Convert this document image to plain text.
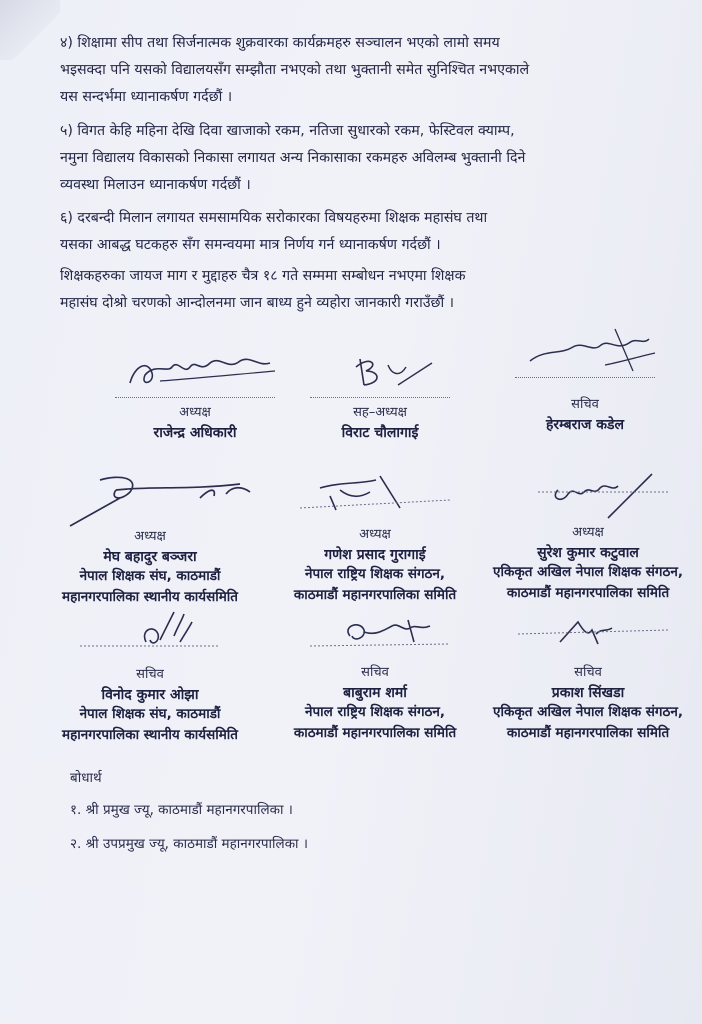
४) शिक्षामा सीप तथा सिर्जनात्मक शुक्रवारका कार्यक्रमहरु सञ्चालन भएको लामो समय
भइसक्दा पनि यसको विद्यालयसँग सम्झौता नभएको तथा भुक्तानी समेत सुनिश्चित नभएकाले
यस सन्दर्भमा ध्यानाकर्षण गर्दछौं ।
५) विगत केहि महिना देखि दिवा खाजाको रकम, नतिजा सुधारको रकम, फेस्टिवल क्याम्प,
नमुना विद्यालय विकासको निकासा लगायत अन्य निकासाका रकमहरु अविलम्ब भुक्तानी दिने
व्यवस्था मिलाउन ध्यानाकर्षण गर्दछौं ।
६) दरबन्दी मिलान लगायत समसामयिक सरोकारका विषयहरुमा शिक्षक महासंघ तथा
यसका आबद्ध घटकहरु सँग समन्वयमा मात्र निर्णय गर्न ध्यानाकर्षण गर्दछौं ।
शिक्षकहरुका जायज माग र मुद्दाहरु चैत्र १८ गते सम्ममा सम्बोधन नभएमा शिक्षक
महासंघ दोश्रो चरणको आन्दोलनमा जान बाध्य हुने व्यहोरा जानकारी गराउँछौं ।
अध्यक्ष
राजेन्द्र अधिकारी
सह–अध्यक्ष
विराट चौलागाई
सचिव
हेरम्बराज कडेल
अध्यक्ष
मेघ बहादुर बञ्जरा
नेपाल शिक्षक संघ, काठमाडौं
महानगरपालिका स्थानीय कार्यसमिति
अध्यक्ष
गणेश प्रसाद गुरागाई
नेपाल राष्ट्रिय शिक्षक संगठन,
काठमाडौं महानगरपालिका समिति
अध्यक्ष
सुरेश कुमार कटुवाल
एकिकृत अखिल नेपाल शिक्षक संगठन,
काठमाडौं महानगरपालिका समिति
सचिव
विनोद कुमार ओझा
नेपाल शिक्षक संघ, काठमाडौं
महानगरपालिका स्थानीय कार्यसमिति
सचिव
बाबुराम शर्मा
नेपाल राष्ट्रिय शिक्षक संगठन,
काठमाडौं महानगरपालिका समिति
सचिव
प्रकाश सिंखडा
एकिकृत अखिल नेपाल शिक्षक संगठन,
काठमाडौं महानगरपालिका समिति
बोधार्थ
१. श्री प्रमुख ज्यू, काठमाडौं महानगरपालिका ।
२. श्री उपप्रमुख ज्यू, काठमाडौं महानगरपालिका ।
